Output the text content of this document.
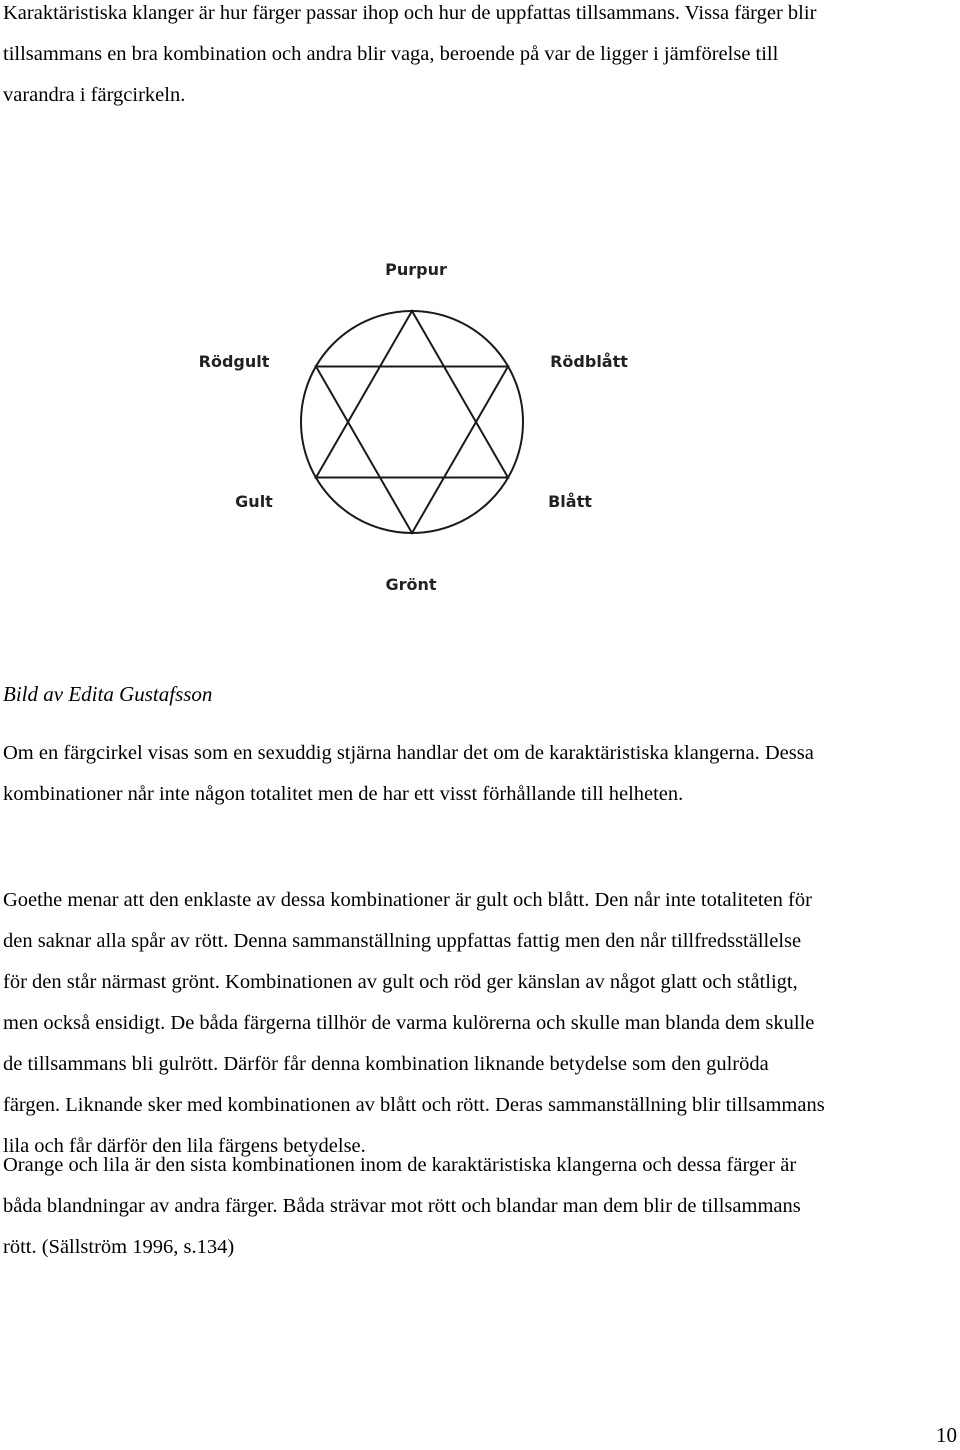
Karaktäristiska klanger är hur färger passar ihop och hur de uppfattas tillsammans. Vissa färger blir
tillsammans en bra kombination och andra blir vaga, beroende på var de ligger i jämförelse till
varandra i färgcirkeln.
Purpur
Rödgult	Rödblått
Gult	Blått
Grönt

Bild av Edita Gustafsson

Om en färgcirkel visas som en sexuddig stjärna handlar det om de karaktäristiska klangerna. Dessa
kombinationer når inte någon totalitet men de har ett visst förhållande till helheten.
Goethe menar att den enklaste av dessa kombinationer är gult och blått. Den når inte totaliteten för
den saknar alla spår av rött. Denna sammanställning uppfattas fattig men den når tillfredsställelse
för den står närmast grönt. Kombinationen av gult och röd ger känslan av något glatt och ståtligt,
men också ensidigt. De båda färgerna tillhör de varma kulörerna och skulle man blanda dem skulle
de tillsammans bli gulrött. Därför får denna kombination liknande betydelse som den gulröda
färgen. Liknande sker med kombinationen av blått och rött. Deras sammanställning blir tillsammans
lila och får därför den lila färgens betydelse.
Orange och lila är den sista kombinationen inom de karaktäristiska klangerna och dessa färger är
båda blandningar av andra färger. Båda strävar mot rött och blandar man dem blir de tillsammans
rött. (Sällström 1996, s.134)

10
